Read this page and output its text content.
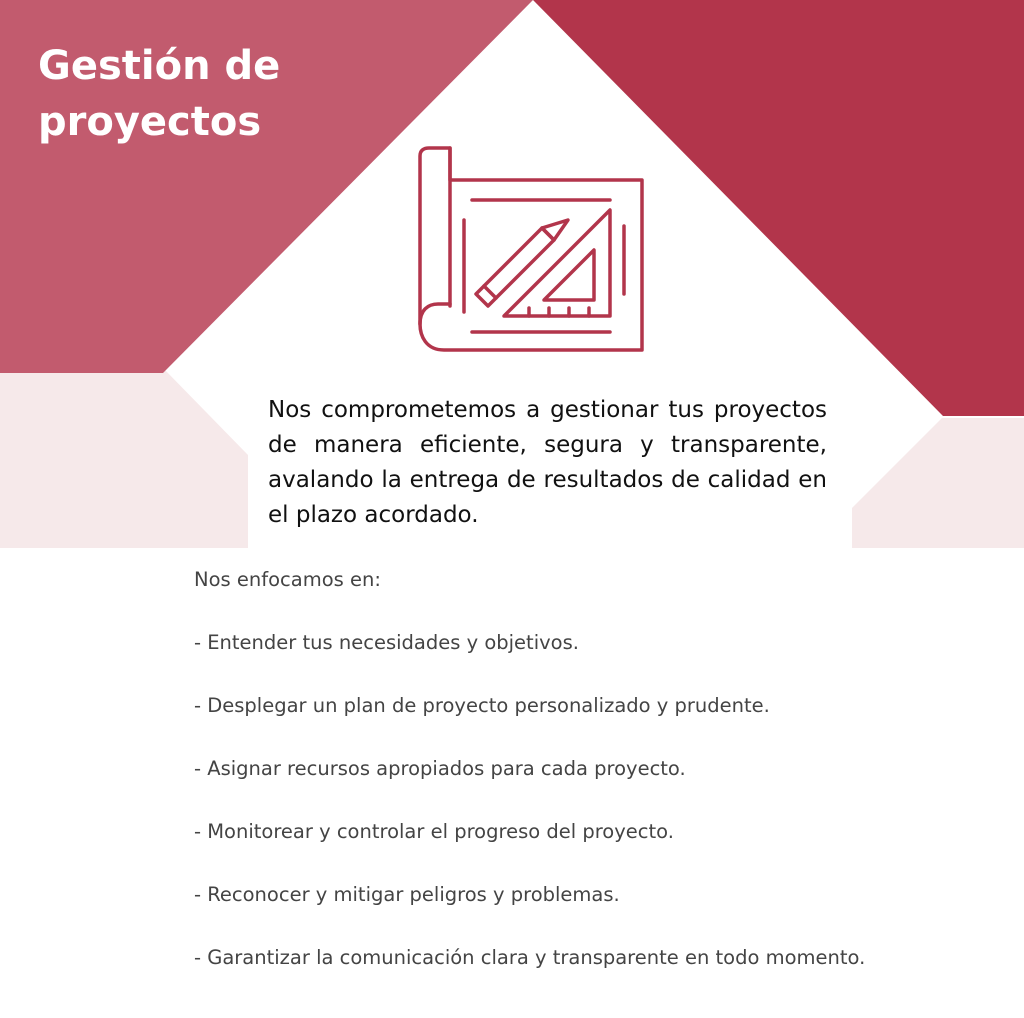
Gestión de proyectos

Nos comprometemos a gestionar tus proyectos de manera eficiente, segura y transparente, avalando la entrega de resultados de calidad en el plazo acordado.

Nos enfocamos en:

- Entender tus necesidades y objetivos.
- Desplegar un plan de proyecto personalizado y prudente.
- Asignar recursos apropiados para cada proyecto.
- Monitorear y controlar el progreso del proyecto.
- Reconocer y mitigar peligros y problemas.
- Garantizar la comunicación clara y transparente en todo momento.
